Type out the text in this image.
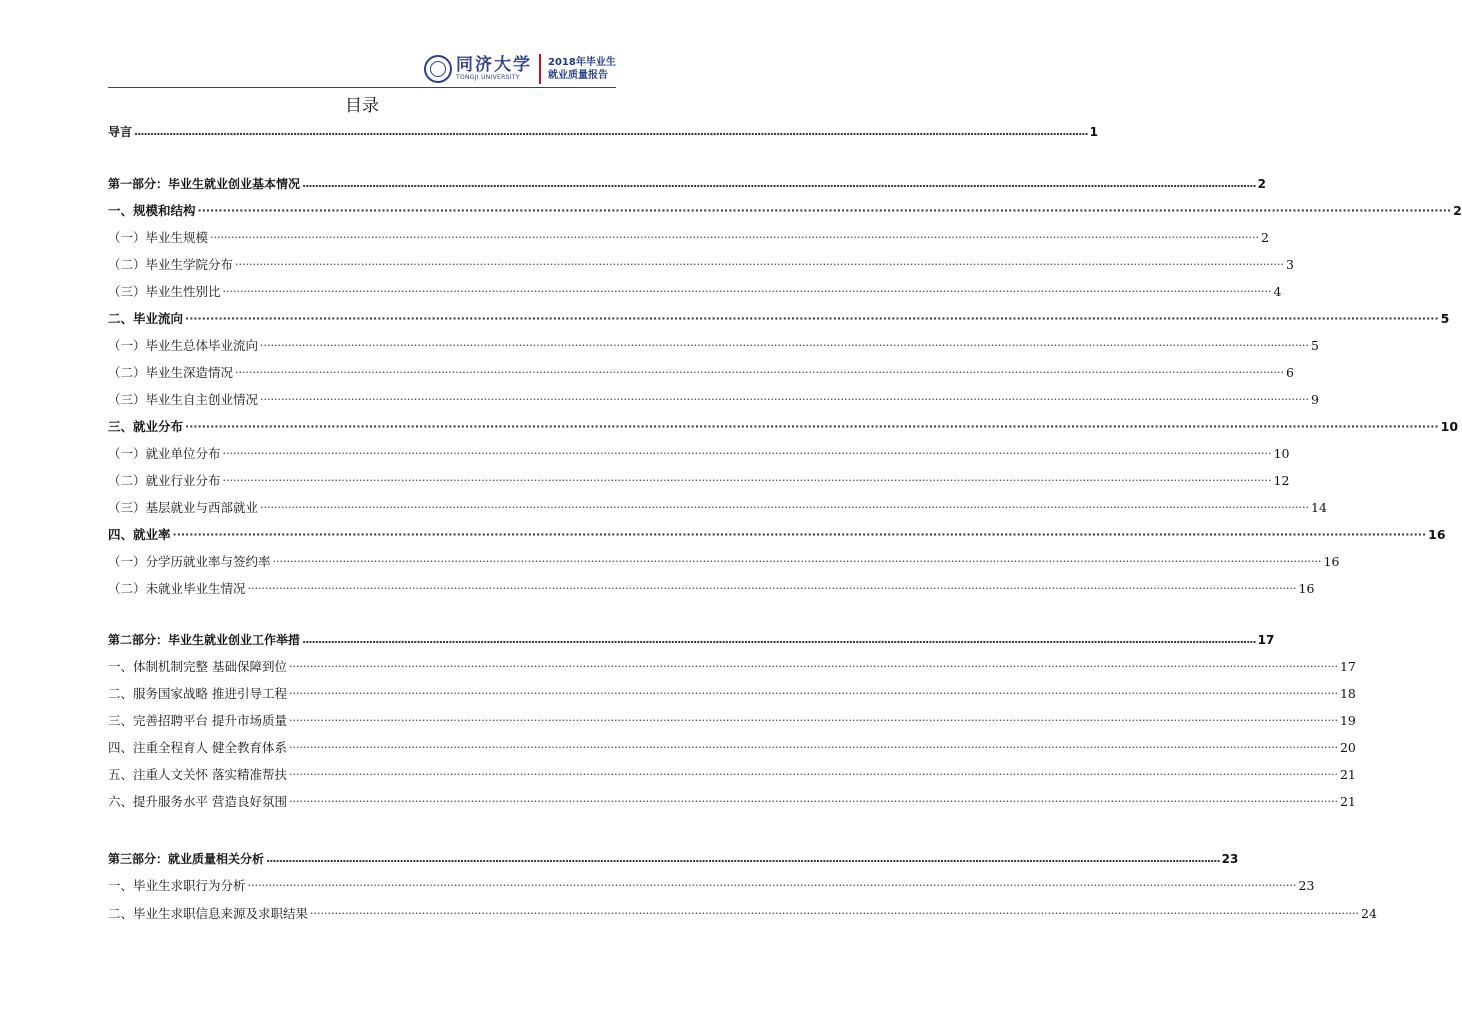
同济大学
TONGJI UNIVERSITY
2018年毕业生
就业质量报告
目录
导言 ............................................................................................................................................................................................................................................................................................................ 1
第一部分：毕业生就业创业基本情况 ............................................................................................................................................................................................................................................................................................................ 2
一、规模和结构 ············································································································································································································································································································ 2
（一）毕业生规模 ············································································································································································································································································································ 2
（二）毕业生学院分布 ············································································································································································································································································································ 3
（三）毕业生性别比 ············································································································································································································································································································ 4
二、毕业流向 ············································································································································································································································································································ 5
（一）毕业生总体毕业流向 ············································································································································································································································································································ 5
（二）毕业生深造情况 ············································································································································································································································································································ 6
（三）毕业生自主创业情况 ············································································································································································································································································································ 9
三、就业分布 ············································································································································································································································································································ 10
（一）就业单位分布 ············································································································································································································································································································ 10
（二）就业行业分布 ············································································································································································································································································································ 12
（三）基层就业与西部就业 ············································································································································································································································································································ 14
四、就业率 ············································································································································································································································································································ 16
（一）分学历就业率与签约率 ············································································································································································································································································································ 16
（二）未就业毕业生情况 ············································································································································································································································································································ 16
第二部分：毕业生就业创业工作举措 ............................................................................................................................................................................................................................................................................................................ 17
一、体制机制完整 基础保障到位 ············································································································································································································································································································ 17
二、服务国家战略 推进引导工程 ············································································································································································································································································································ 18
三、完善招聘平台 提升市场质量 ············································································································································································································································································································ 19
四、注重全程育人 健全教育体系 ············································································································································································································································································································ 20
五、注重人文关怀 落实精准帮扶 ············································································································································································································································································································ 21
六、提升服务水平 营造良好氛围 ············································································································································································································································································································ 21
第三部分：就业质量相关分析 ............................................................................................................................................................................................................................................................................................................ 23
一、毕业生求职行为分析 ············································································································································································································································································································ 23
二、毕业生求职信息来源及求职结果 ············································································································································································································································································································ 24
